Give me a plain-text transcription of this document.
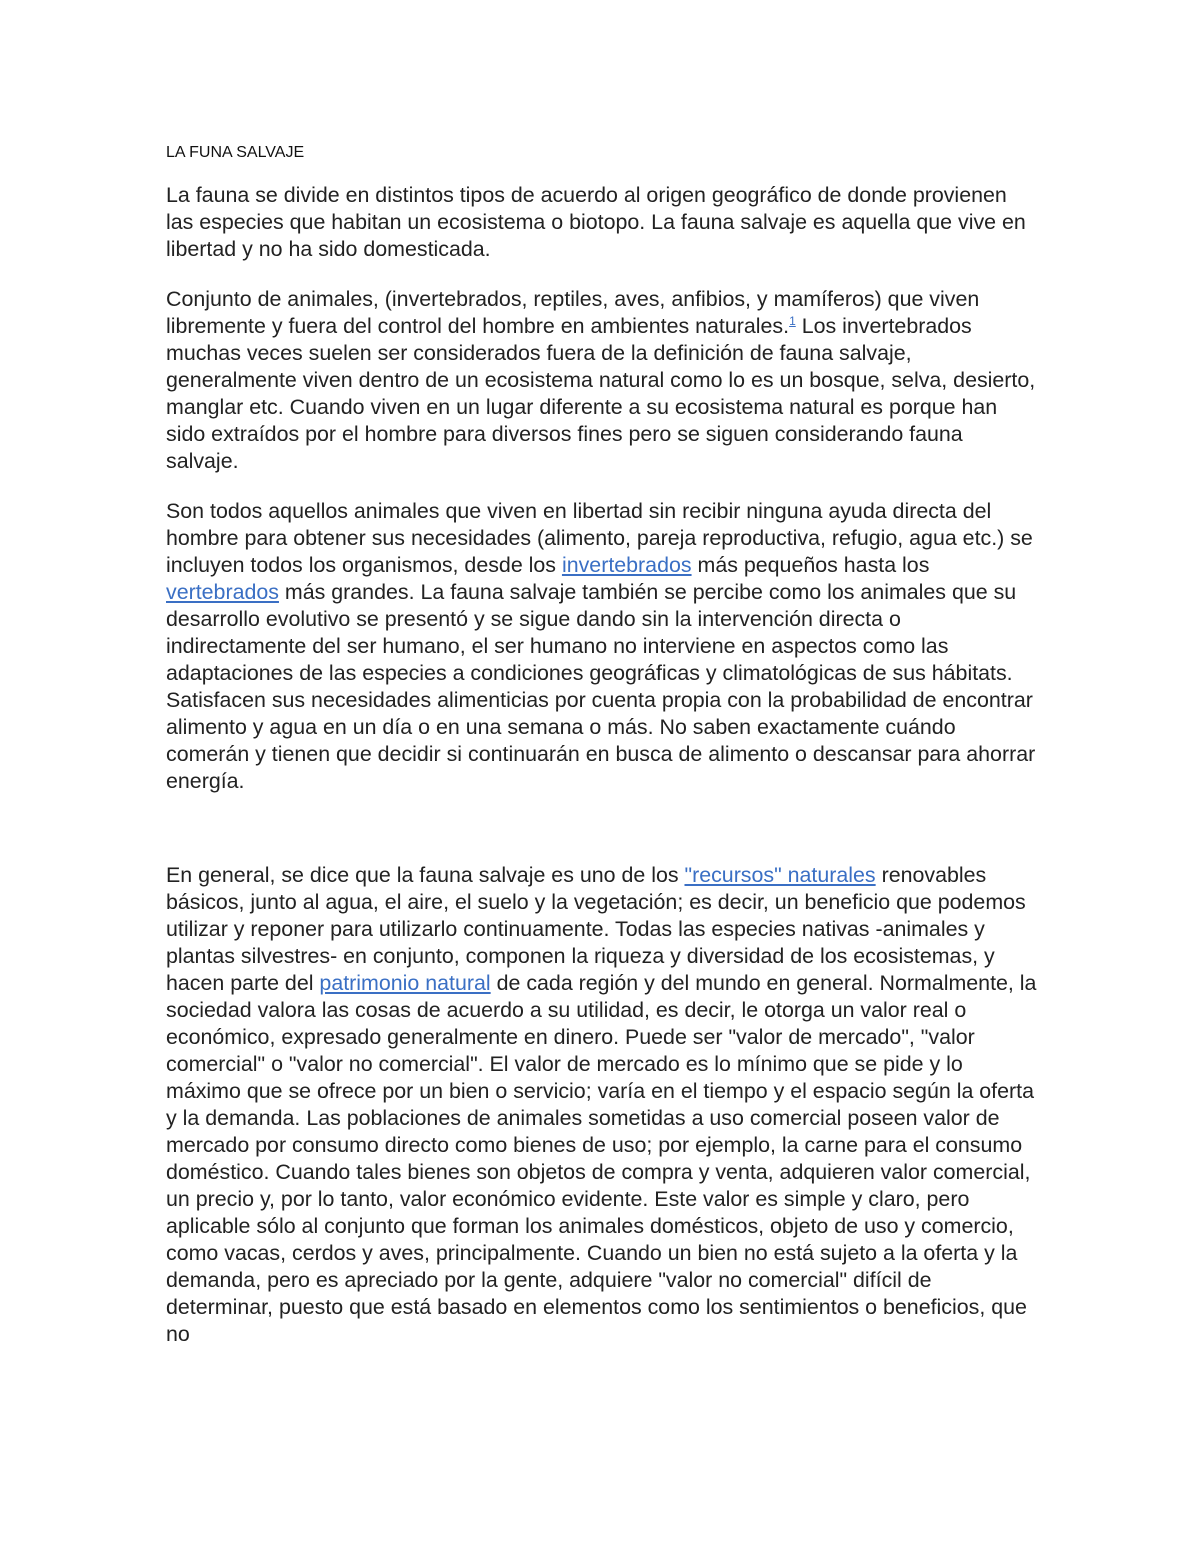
LA FUNA SALVAJE

La fauna se divide en distintos tipos de acuerdo al origen geográfico de donde provienen las especies que habitan un ecosistema o biotopo. La fauna salvaje es aquella que vive en libertad y no ha sido domesticada.

Conjunto de animales, (invertebrados, reptiles, aves, anfibios, y mamíferos) que viven libremente y fuera del control del hombre en ambientes naturales.$^1$ Los invertebrados muchas veces suelen ser considerados fuera de la definición de fauna salvaje, generalmente viven dentro de un ecosistema natural como lo es un bosque, selva, desierto, manglar etc. Cuando viven en un lugar diferente a su ecosistema natural es porque han sido extraídos por el hombre para diversos fines pero se siguen considerando fauna salvaje.

Son todos aquellos animales que viven en libertad sin recibir ninguna ayuda directa del hombre para obtener sus necesidades (alimento, pareja reproductiva, refugio, agua etc.) se incluyen todos los organismos, desde los invertebrados más pequeños hasta los vertebrados más grandes. La fauna salvaje también se percibe como los animales que su desarrollo evolutivo se presentó y se sigue dando sin la intervención directa o indirectamente del ser humano, el ser humano no interviene en aspectos como las adaptaciones de las especies a condiciones geográficas y climatológicas de sus hábitats. Satisfacen sus necesidades alimenticias por cuenta propia con la probabilidad de encontrar alimento y agua en un día o en una semana o más. No saben exactamente cuándo comerán y tienen que decidir si continuarán en busca de alimento o descansar para ahorrar energía.

En general, se dice que la fauna salvaje es uno de los "recursos" naturales renovables básicos, junto al agua, el aire, el suelo y la vegetación; es decir, un beneficio que podemos utilizar y reponer para utilizarlo continuamente. Todas las especies nativas -animales y plantas silvestres- en conjunto, componen la riqueza y diversidad de los ecosistemas, y hacen parte del patrimonio natural de cada región y del mundo en general. Normalmente, la sociedad valora las cosas de acuerdo a su utilidad, es decir, le otorga un valor real o económico, expresado generalmente en dinero. Puede ser "valor de mercado", "valor comercial" o "valor no comercial". El valor de mercado es lo mínimo que se pide y lo máximo que se ofrece por un bien o servicio; varía en el tiempo y el espacio según la oferta y la demanda. Las poblaciones de animales sometidas a uso comercial poseen valor de mercado por consumo directo como bienes de uso; por ejemplo, la carne para el consumo doméstico. Cuando tales bienes son objetos de compra y venta, adquieren valor comercial, un precio y, por lo tanto, valor económico evidente. Este valor es simple y claro, pero aplicable sólo al conjunto que forman los animales domésticos, objeto de uso y comercio, como vacas, cerdos y aves, principalmente. Cuando un bien no está sujeto a la oferta y la demanda, pero es apreciado por la gente, adquiere "valor no comercial" difícil de determinar, puesto que está basado en elementos como los sentimientos o beneficios, que no
